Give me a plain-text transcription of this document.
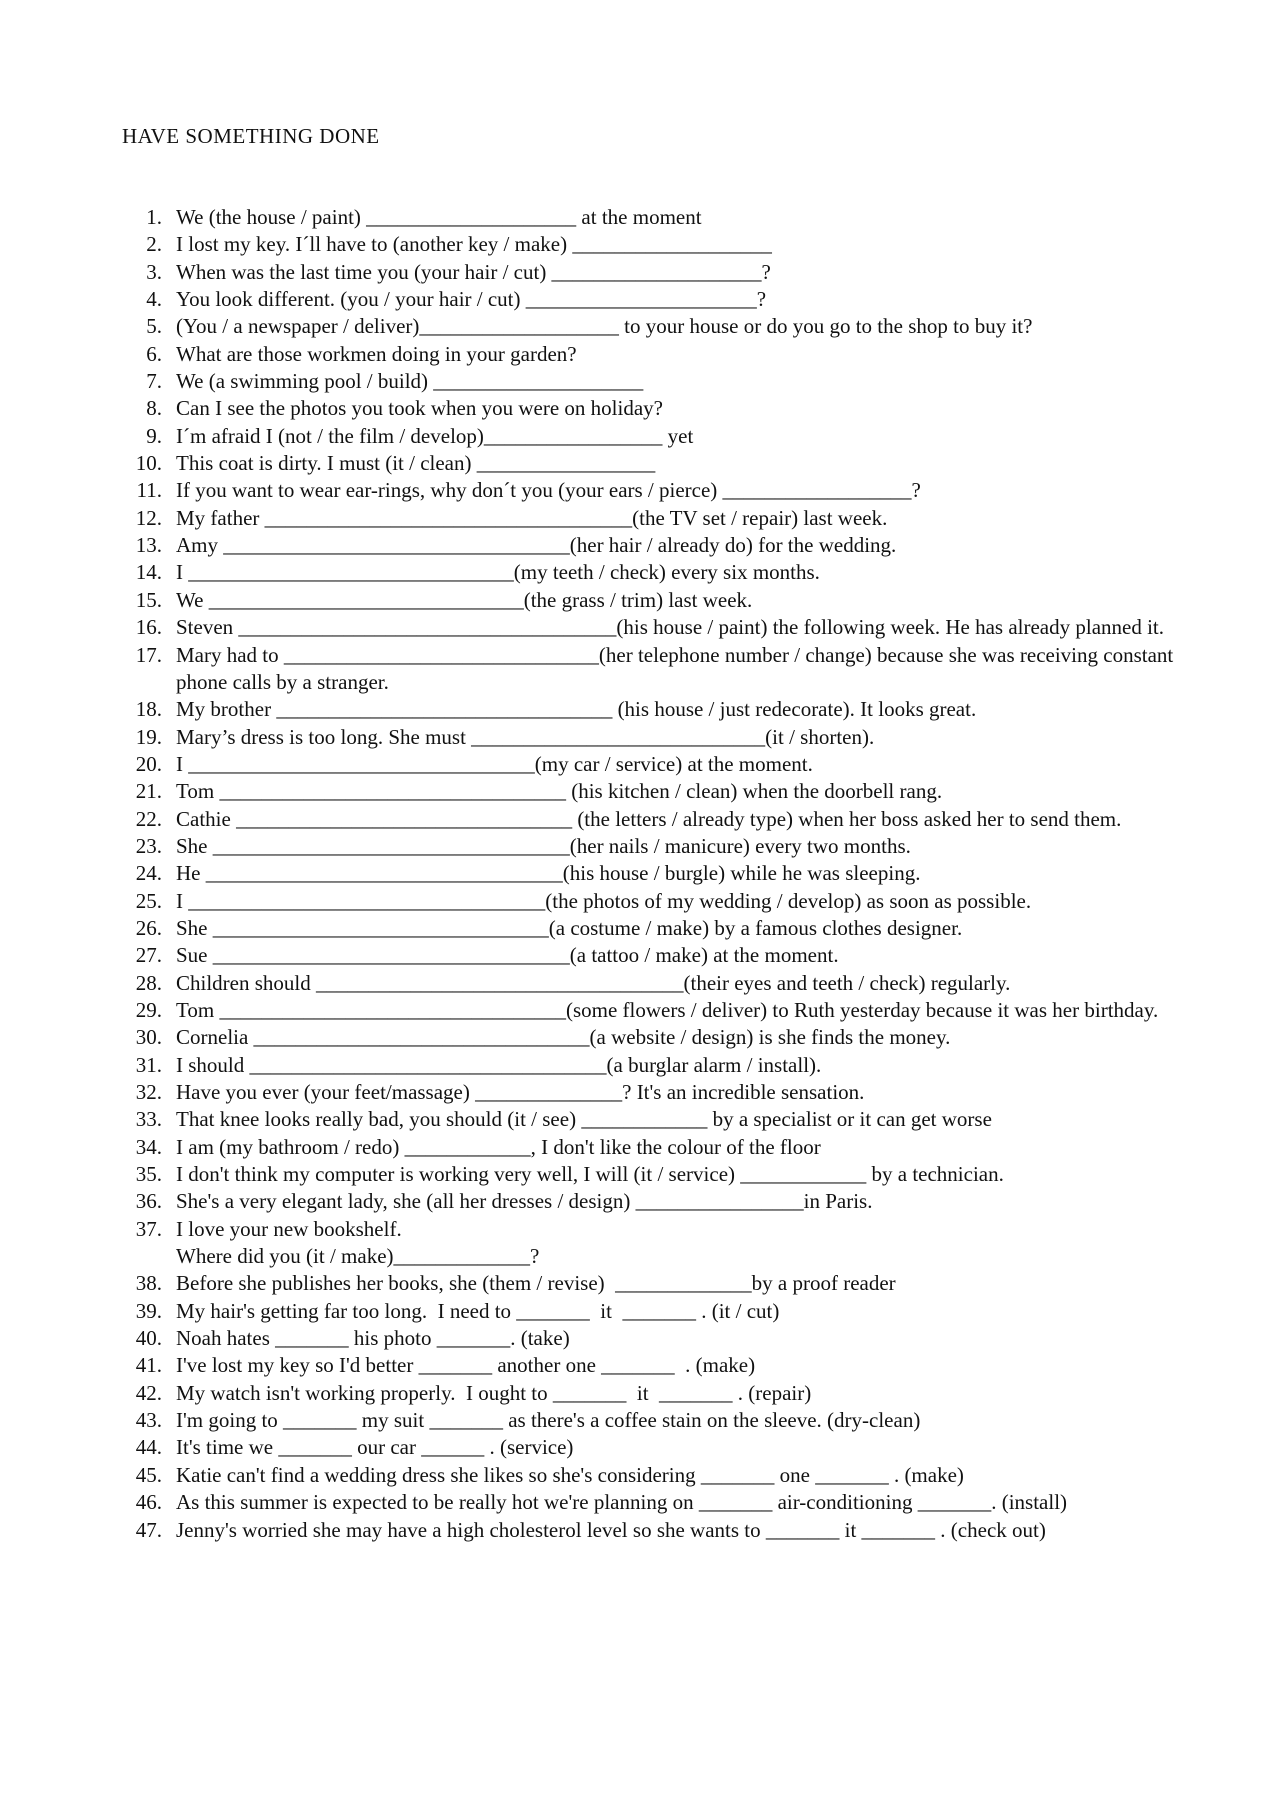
HAVE SOMETHING DONE
1. We (the house / paint) ____________________ at the moment
2. I lost my key. I´ll have to (another key / make) ___________________
3. When was the last time you (your hair / cut) ____________________?
4. You look different. (you / your hair / cut) ______________________?
5. (You / a newspaper / deliver)___________________ to your house or do you go to the shop to buy it?
6. What are those workmen doing in your garden?
7. We (a swimming pool / build) ____________________
8. Can I see the photos you took when you were on holiday?
9. I´m afraid I (not / the film / develop)_________________ yet
10. This coat is dirty. I must (it / clean) _________________
11. If you want to wear ear-rings, why don´t you (your ears / pierce) __________________?
12. My father ___________________________________(the TV set / repair) last week.
13. Amy _________________________________(her hair / already do) for the wedding.
14. I _______________________________(my teeth / check) every six months.
15. We ______________________________(the grass / trim) last week.
16. Steven ____________________________________(his house / paint) the following week. He has already planned it.
17. Mary had to ______________________________(her telephone number / change) because she was receiving constant phone calls by a stranger.
18. My brother ________________________________ (his house / just redecorate). It looks great.
19. Mary’s dress is too long. She must ____________________________(it / shorten).
20. I _________________________________(my car / service) at the moment.
21. Tom _________________________________ (his kitchen / clean) when the doorbell rang.
22. Cathie ________________________________ (the letters / already type) when her boss asked her to send them.
23. She __________________________________(her nails / manicure) every two months.
24. He __________________________________(his house / burgle) while he was sleeping.
25. I __________________________________(the photos of my wedding / develop) as soon as possible.
26. She ________________________________(a costume / make) by a famous clothes designer.
27. Sue __________________________________(a tattoo / make) at the moment.
28. Children should ___________________________________(their eyes and teeth / check) regularly.
29. Tom _________________________________(some flowers / deliver) to Ruth yesterday because it was her birthday.
30. Cornelia ________________________________(a website / design) is she finds the money.
31. I should __________________________________(a burglar alarm / install).
32. Have you ever (your feet/massage) ______________? It's an incredible sensation.
33. That knee looks really bad, you should (it / see) ____________ by a specialist or it can get worse
34. I am (my bathroom / redo) ____________, I don't like the colour of the floor
35. I don't think my computer is working very well, I will (it / service) ____________ by a technician.
36. She's a very elegant lady, she (all her dresses / design) ________________in Paris.
37. I love your new bookshelf.
Where did you (it / make)_____________?
38. Before she publishes her books, she (them / revise)  _____________by a proof reader
39. My hair's getting far too long.  I need to _______  it  _______ . (it / cut)
40. Noah hates _______ his photo _______. (take)
41. I've lost my key so I'd better _______ another one _______  . (make)
42. My watch isn't working properly.  I ought to _______  it  _______ . (repair)
43. I'm going to _______ my suit _______ as there's a coffee stain on the sleeve. (dry-clean)
44. It's time we _______ our car ______ . (service)
45. Katie can't find a wedding dress she likes so she's considering _______ one _______ . (make)
46. As this summer is expected to be really hot we're planning on _______ air-conditioning _______. (install)
47. Jenny's worried she may have a high cholesterol level so she wants to _______ it _______ . (check out)
